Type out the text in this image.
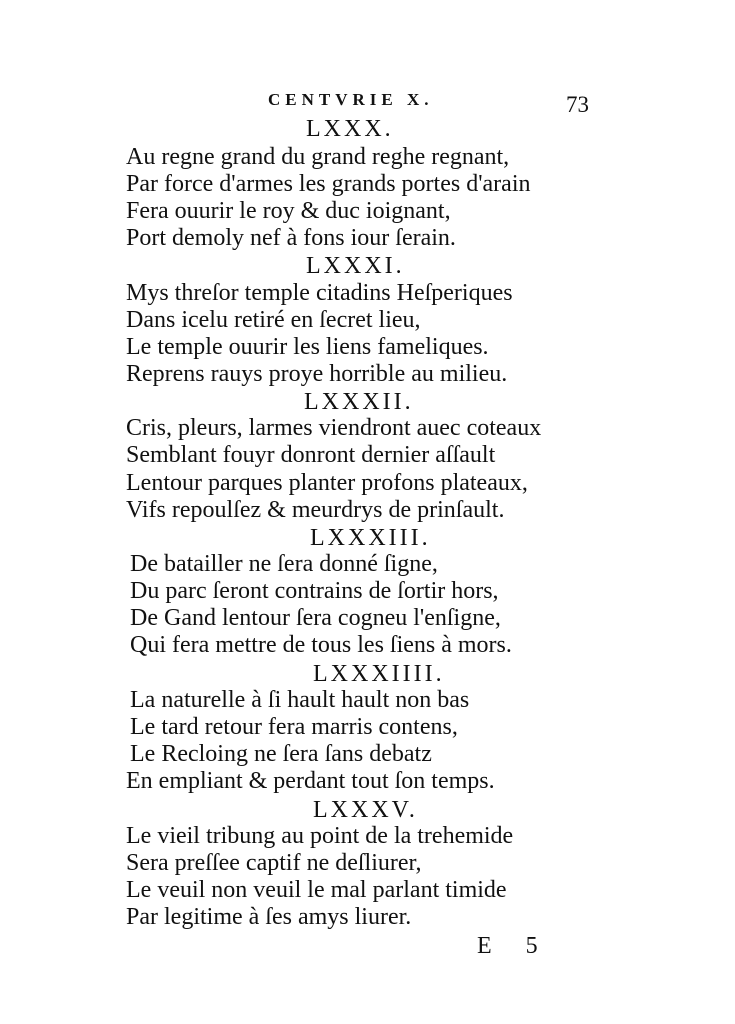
CENTVRIE X.	73
LXXX.
Au regne grand du grand reghe regnant,
Par force d'armes les grands portes d'arain
Fera ouurir le roy & duc ioignant,
Port demoly nef à fons iour ſerain.
LXXXI.
Mys threſor temple citadins Heſperiques
Dans icelu retiré en ſecret lieu,
Le temple ouurir les liens fameliques.
Reprens rauys proye horrible au milieu.
LXXXII.
Cris, pleurs, larmes viendront auec coteaux
Semblant fouyr donront dernier aſſault
Lentour parques planter profons plateaux,
Vifs repoulſez & meurdrys de prinſault.
LXXXIII.
De batailler ne ſera donné ſigne,
Du parc ſeront contrains de ſortir hors,
De Gand lentour ſera cogneu l'enſigne,
Qui fera mettre de tous les ſiens à mors.
LXXXIIII.
La naturelle à ſi hault hault non bas
Le tard retour fera marris contens,
Le Recloing ne ſera ſans debatz
En empliant & perdant tout ſon temps.
LXXXV.
Le vieil tribung au point de la trehemide
Sera preſſee captif ne deſliurer,
Le veuil non veuil le mal parlant timide
Par legitime à ſes amys liurer.
E 5
